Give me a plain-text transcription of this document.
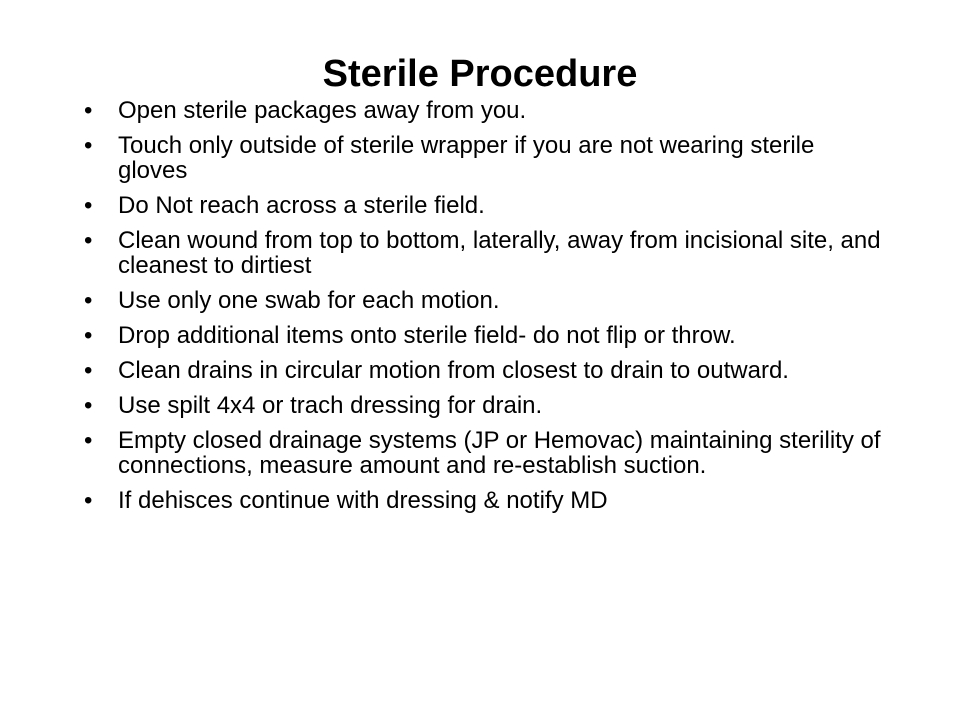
Sterile Procedure
• Open sterile packages away from you.
• Touch only outside of sterile wrapper if you are not wearing sterile gloves
• Do Not reach across a sterile field.
• Clean wound from top to bottom, laterally, away from incisional site, and cleanest to dirtiest
• Use only one swab for each motion.
• Drop additional items onto sterile field- do not flip or throw.
• Clean drains in circular motion from closest to drain to outward.
• Use spilt 4x4 or trach dressing for drain.
• Empty closed drainage systems (JP or Hemovac) maintaining sterility of connections, measure amount and re-establish suction.
• If dehisces continue with dressing & notify MD
